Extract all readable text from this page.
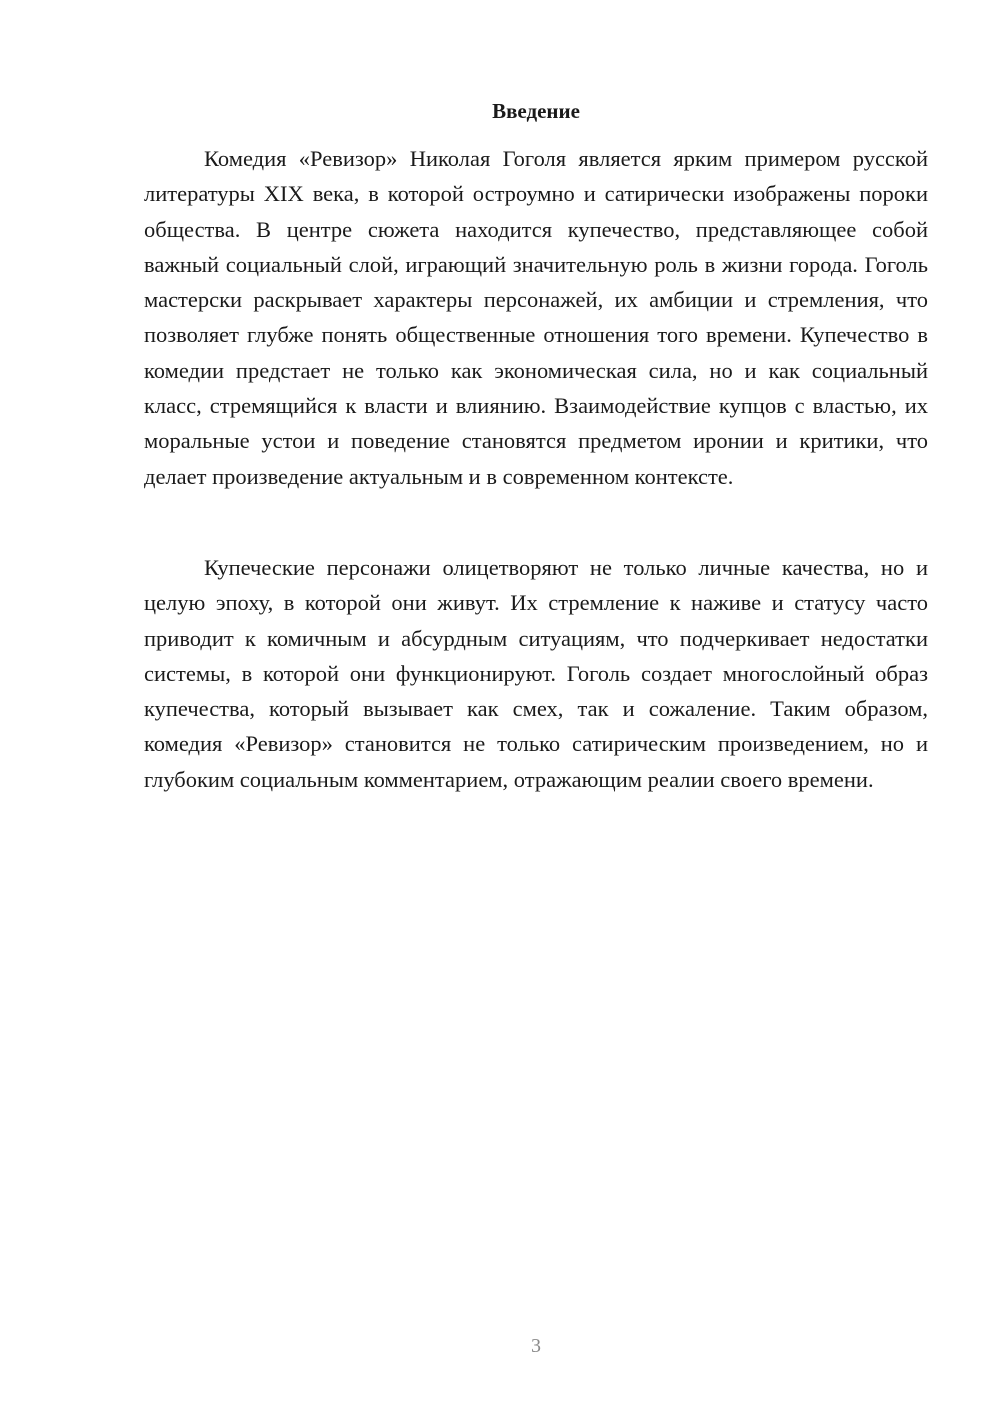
Введение

Комедия «Ревизор» Николая Гоголя является ярким примером русской литературы XIX века, в которой остроумно и сатирически изображены пороки общества. В центре сюжета находится купечество, представляющее собой важный социальный слой, играющий значительную роль в жизни города. Гоголь мастерски раскрывает характеры персонажей, их амбиции и стремления, что позволяет глубже понять общественные отношения того времени. Купечество в комедии предстает не только как экономическая сила, но и как социальный класс, стремящийся к власти и влиянию. Взаимодействие купцов с властью, их моральные устои и поведение становятся предметом иронии и критики, что делает произведение актуальным и в современном контексте.

Купеческие персонажи олицетворяют не только личные качества, но и целую эпоху, в которой они живут. Их стремление к наживе и статусу часто приводит к комичным и абсурдным ситуациям, что подчеркивает недостатки системы, в которой они функционируют. Гоголь создает многослойный образ купечества, который вызывает как смех, так и сожаление. Таким образом, комедия «Ревизор» становится не только сатирическим произведением, но и глубоким социальным комментарием, отражающим реалии своего времени.

3
